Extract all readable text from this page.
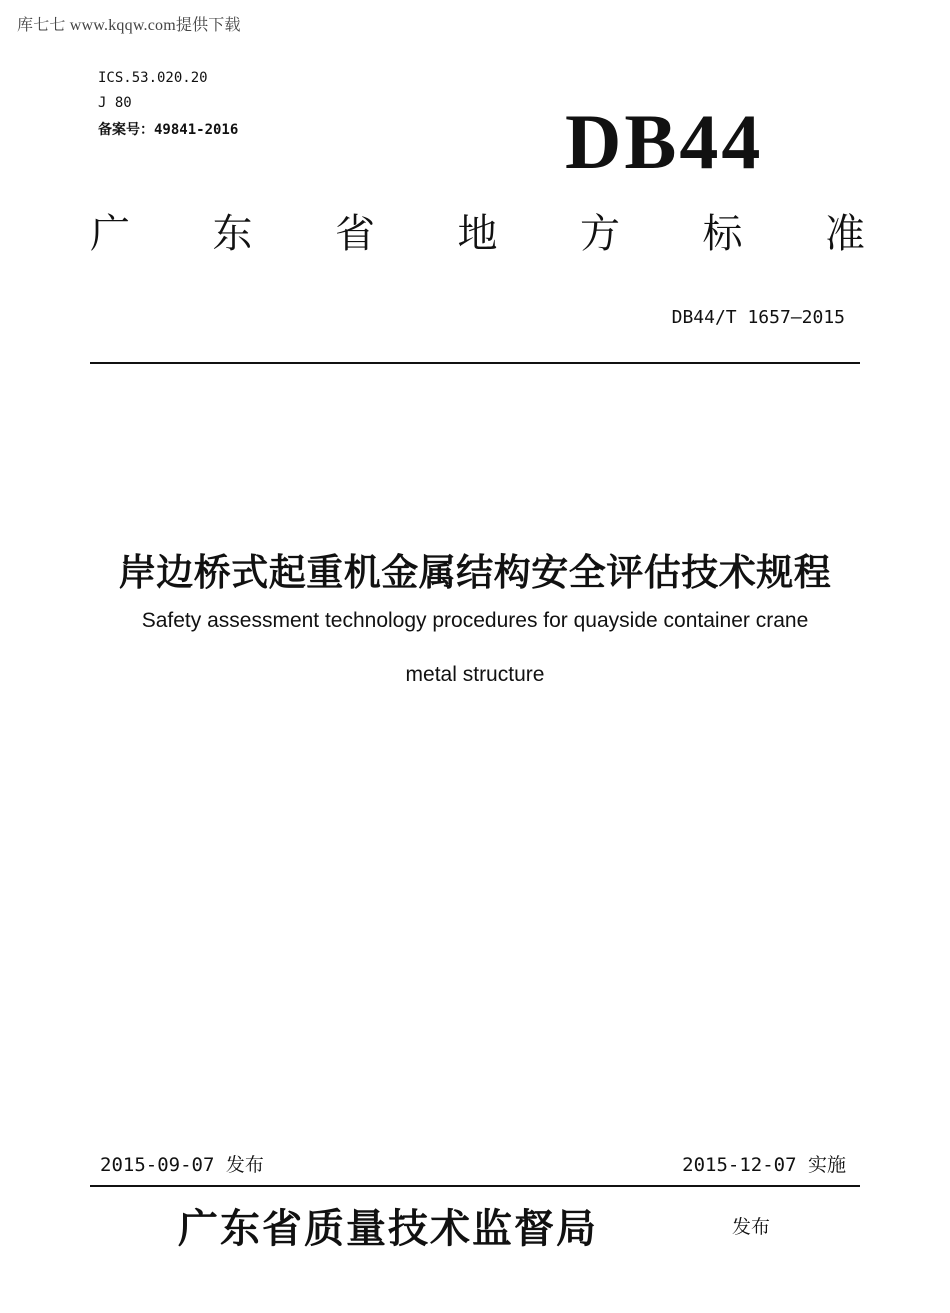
库七七 www.kqqw.com提供下载
ICS.53.020.20
J 80
备案号：49841-2016	DB44
广 东 省 地 方 标 准
DB44/T 1657—2015
岸边桥式起重机金属结构安全评估技术规程
Safety assessment technology procedures for quayside container crane
metal structure
2015-09-07 发布	2015-12-07 实施
广东省质量技术监督局	发布
